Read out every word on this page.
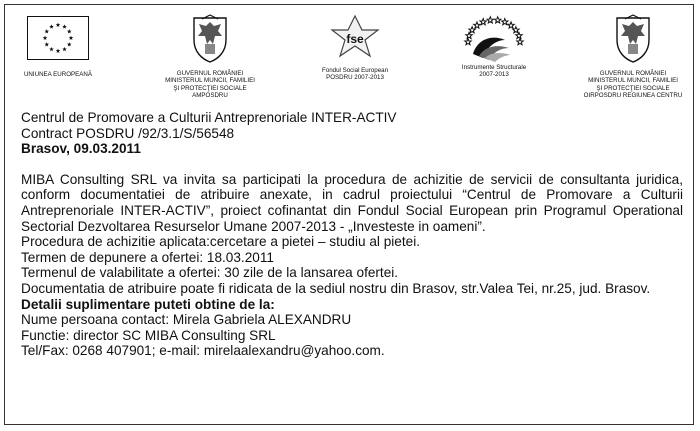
UNIUNEA EUROPEANĂ	GUVERNUL ROMÂNIEI
MINISTERUL MUNCII, FAMILIEI
ŞI PROTECŢIEI SOCIALE
AMPOSDRU
fse
Fondul Social European
POSDRU 2007-2013
Instrumente Structurale
2007-2013	GUVERNUL ROMÂNIEI
MINISTERUL MUNCII, FAMILIEI
ŞI PROTECŢIEI SOCIALE
OIRPOSDRU REGIUNEA CENTRU

Centrul de Promovare a Culturii Antreprenoriale INTER-ACTIV

Contract POSDRU /92/3.1/S/56548

Brasov, 09.03.2011

MIBA Consulting SRL va invita sa participati la procedura de achizitie de servicii de consultanta juridica, conform documentatiei de atribuire anexate, in cadrul proiectului “Centrul de Promovare a Culturii Antreprenoriale INTER-ACTIV”, proiect cofinantat din Fondul Social European prin Programul Operational Sectorial Dezvoltarea Resurselor Umane 2007-2013 - „Investeste in oameni”.

Procedura de achizitie aplicata:cercetare a pietei – studiu al pietei.

Termen de depunere a ofertei: 18.03.2011

Termenul de valabilitate a ofertei: 30 zile de la lansarea ofertei.

Documentatia de atribuire poate fi ridicata de la sediul nostru din Brasov, str.Valea Tei, nr.25, jud. Brasov.

Detalii suplimentare puteti obtine de la:

Nume persoana contact: Mirela Gabriela ALEXANDRU

Functie: director SC MIBA Consulting SRL

Tel/Fax: 0268 407901; e-mail: mirelaalexandru@yahoo.com.
